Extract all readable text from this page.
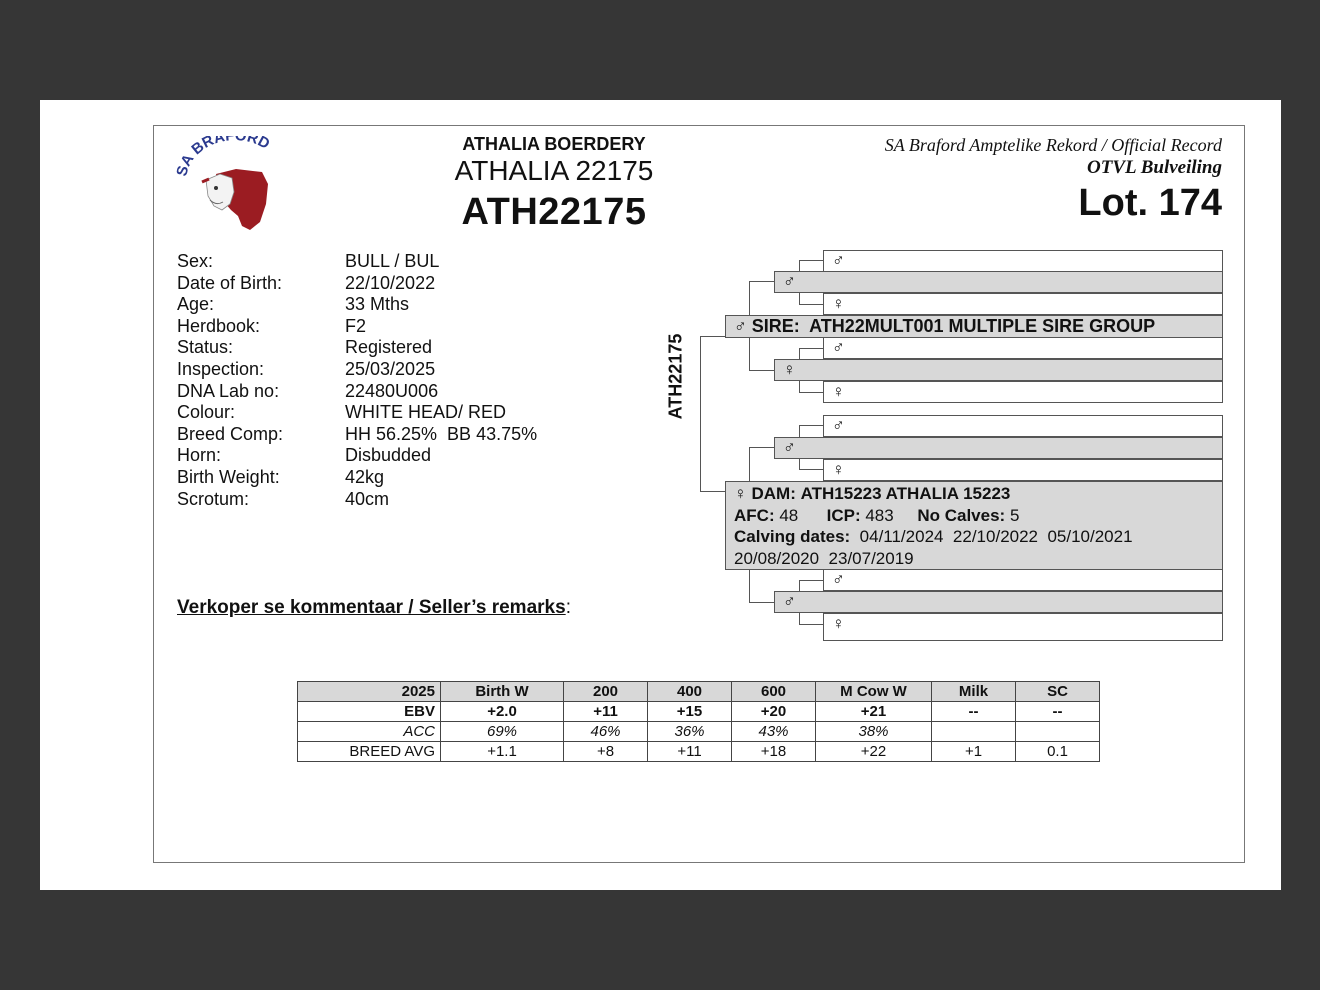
A BRA RD	ATHALIA BOERDERY
ATHALIA 22175
ATH22175
SA Braford Amptelike Rekord / Official Record
OTVL Bulveiling
Lot. 174
Sex:	BULL / BUL
Date of Birth:	22/10/2022
Age:	33 Mths
Herdbook:	F2
Status:	Registered
Inspection:	25/03/2025
DNA Lab no:	22480U006
Colour:	WHITE HEAD/ RED
Breed Comp:	HH 56.25%  BB 43.75%
Horn:	Disbudded
Birth Weight:	42kg
Scrotum:	40cm
Verkoper se kommentaar / Seller’s remarks:
ATH22175
♂
♂
♀
♂ SIRE: ATH22MULT001 MULTIPLE SIRE GROUP
♂
♀
♀
♂
♂
♀
♀ DAM: ATH15223 ATHALIA 15223
AFC: 48 ICP: 483 No Calves: 5
Calving dates: 04/11/2024  22/10/2022  05/10/2021
20/08/2020  23/07/2019
♂
♂
♀
2025	Birth W	200	400	600	M Cow W	Milk	SC
EBV	+2.0	+11	+15	+20	+21	--	--
ACC	69%	46%	36%	43%	38%		
BREED AVG	+1.1	+8	+11	+18	+22	+1	0.1
